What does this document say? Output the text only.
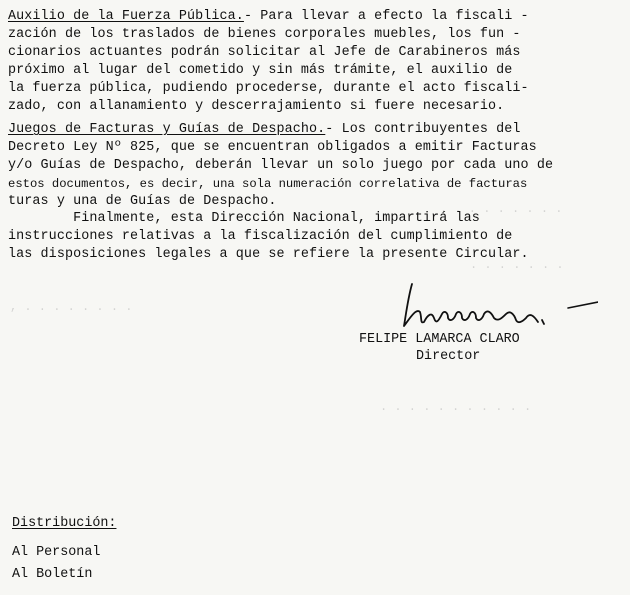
. . . . . . . . .
. . . . . . .
, . . . . . . . .
. . . . . . . . . . .
Auxilio de la Fuerza Pública.- Para llevar a efecto la fiscali -
zación de los traslados de bienes corporales muebles, los fun -
cionarios actuantes podrán solicitar al Jefe de Carabineros más
próximo al lugar del cometido y sin más trámite, el auxilio de
la fuerza pública, pudiendo procederse, durante el acto fiscali-
zado, con allanamiento y descerrajamiento si fuere necesario.
Juegos de Facturas y Guías de Despacho.- Los contribuyentes del
Decreto Ley Nº 825, que se encuentran obligados a emitir Facturas
y/o Guías de Despacho, deberán llevar un solo juego por cada uno de
estos documentos, es decir, una sola numeración correlativa de facturas
turas y una de Guías de Despacho.
Finalmente, esta Dirección Nacional, impartirá las
instrucciones relativas a la fiscalización del cumplimiento de
las disposiciones legales a que se refiere la presente Circular.
FELIPE LAMARCA CLARO
Director
Distribución:
Al Personal
Al Boletín
